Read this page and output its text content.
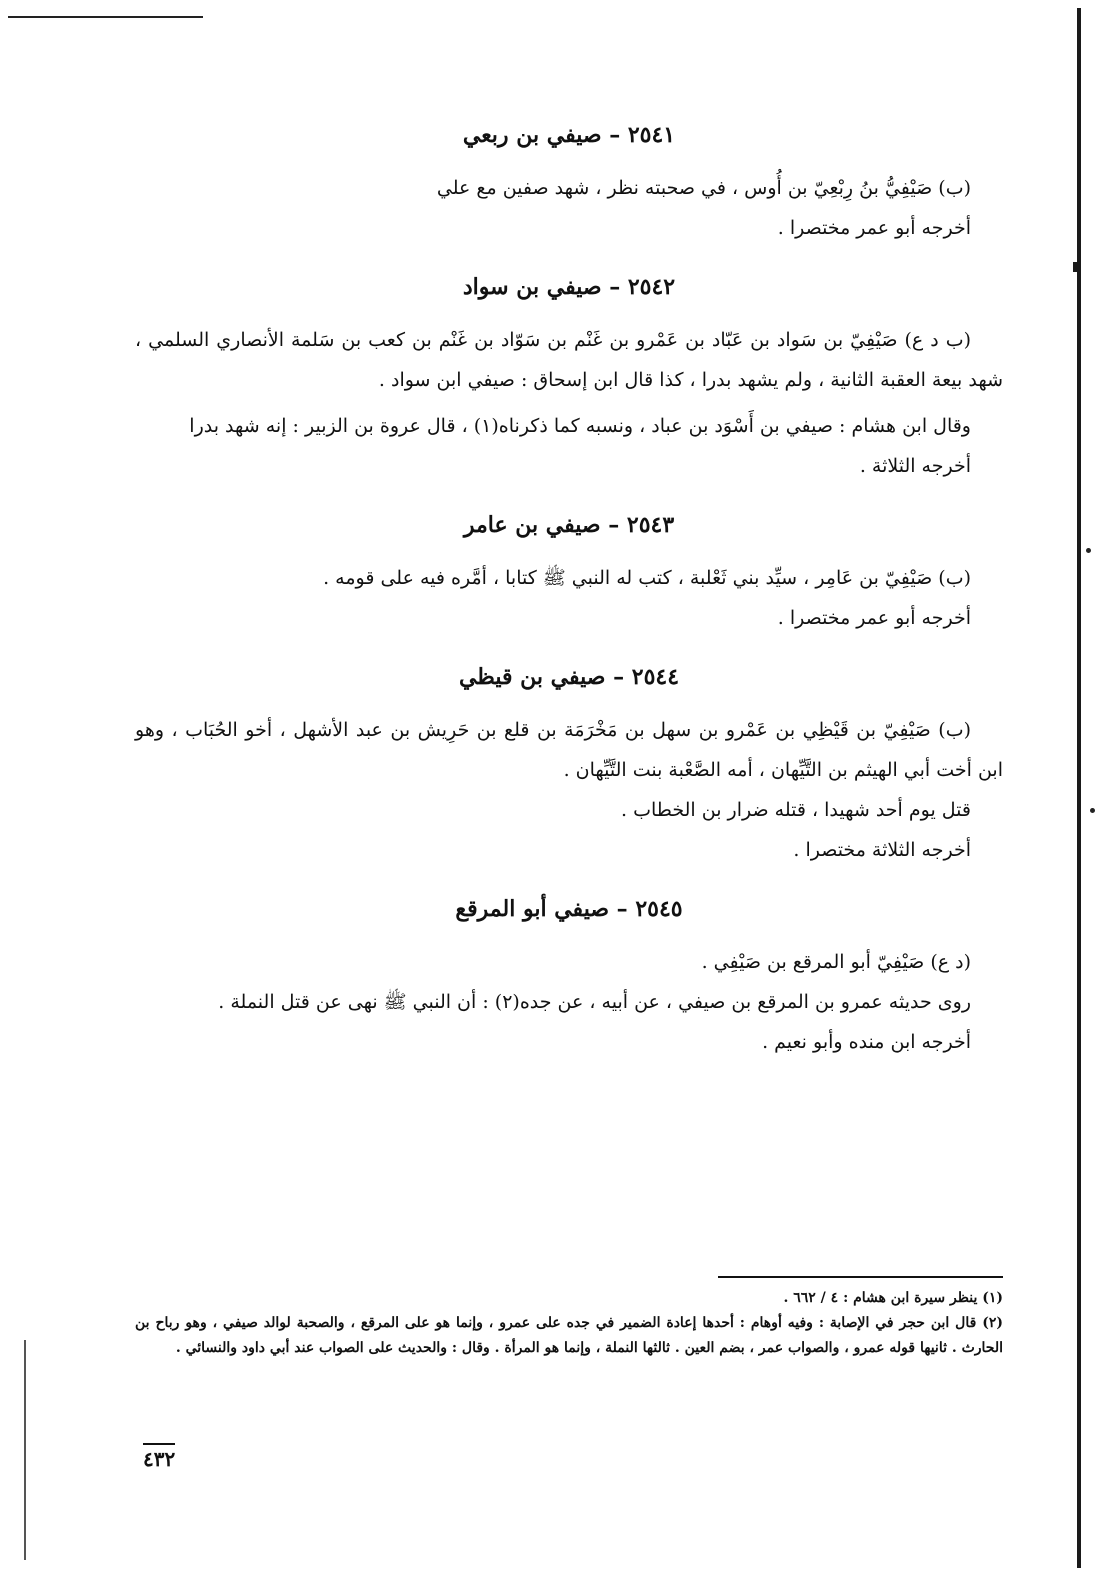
٢٥٤١ – صيفي بن ربعي

(ب) صَيْفِيُّ بنُ رِبْعِيّ بن أُوس ، في صحبته نظر ، شهد صفين مع علي

أخرجه أبو عمر مختصرا .

٢٥٤٢ – صيفي بن سواد

(ب د ع) صَيْفِيّ بن سَواد بن عَبّاد بن عَمْرو بن غَنْم بن سَوّاد بن غَنْم بن كعب بن سَلمة الأنصاري السلمي ، شهد بيعة العقبة الثانية ، ولم يشهد بدرا ، كذا قال ابن إسحاق : صيفي ابن سواد .

وقال ابن هشام : صيفي بن أَسْوَد بن عباد ، ونسبه كما ذكرناه(١) ، قال عروة بن الزبير : إنه شهد بدرا

أخرجه الثلاثة .

٢٥٤٣ – صيفي بن عامر

(ب) صَيْفِيّ بن عَامِر ، سيِّد بني ثَعْلبة ، كتب له النبي ﷺ كتابا ، أمَّره فيه على قومه .

أخرجه أبو عمر مختصرا .

٢٥٤٤ – صيفي بن قيظي

(ب) صَيْفِيّ بن قَيْظِي بن عَمْرو بن سهل بن مَخْرَمَة بن قلع بن حَرِيش بن عبد الأشهل ، أخو الحُبَاب ، وهو ابن أخت أبي الهيثم بن التَّيِّهان ، أمه الصَّعْبة بنت التَّيِّهان .

قتل يوم أحد شهيدا ، قتله ضرار بن الخطاب .

أخرجه الثلاثة مختصرا .

٢٥٤٥ – صيفي أبو المرقع

(د ع) صَيْفِيّ أبو المرقع بن صَيْفِي .

روى حديثه عمرو بن المرقع بن صيفي ، عن أبيه ، عن جده(٢) : أن النبي ﷺ نهى عن قتل النملة .

أخرجه ابن منده وأبو نعيم .

(١) ينظر سيرة ابن هشام : ٤ / ٦٦٢ .

(٢) قال ابن حجر في الإصابة : وفيه أوهام : أحدها إعادة الضمير في جده على عمرو ، وإنما هو على المرقع ، والصحبة لوالد صيفي ، وهو رباح بن الحارث . ثانيها قوله عمرو ، والصواب عمر ، بضم العين . ثالثها النملة ، وإنما هو المرأة . وقال : والحديث على الصواب عند أبي داود والنسائي .

٤٣٢
